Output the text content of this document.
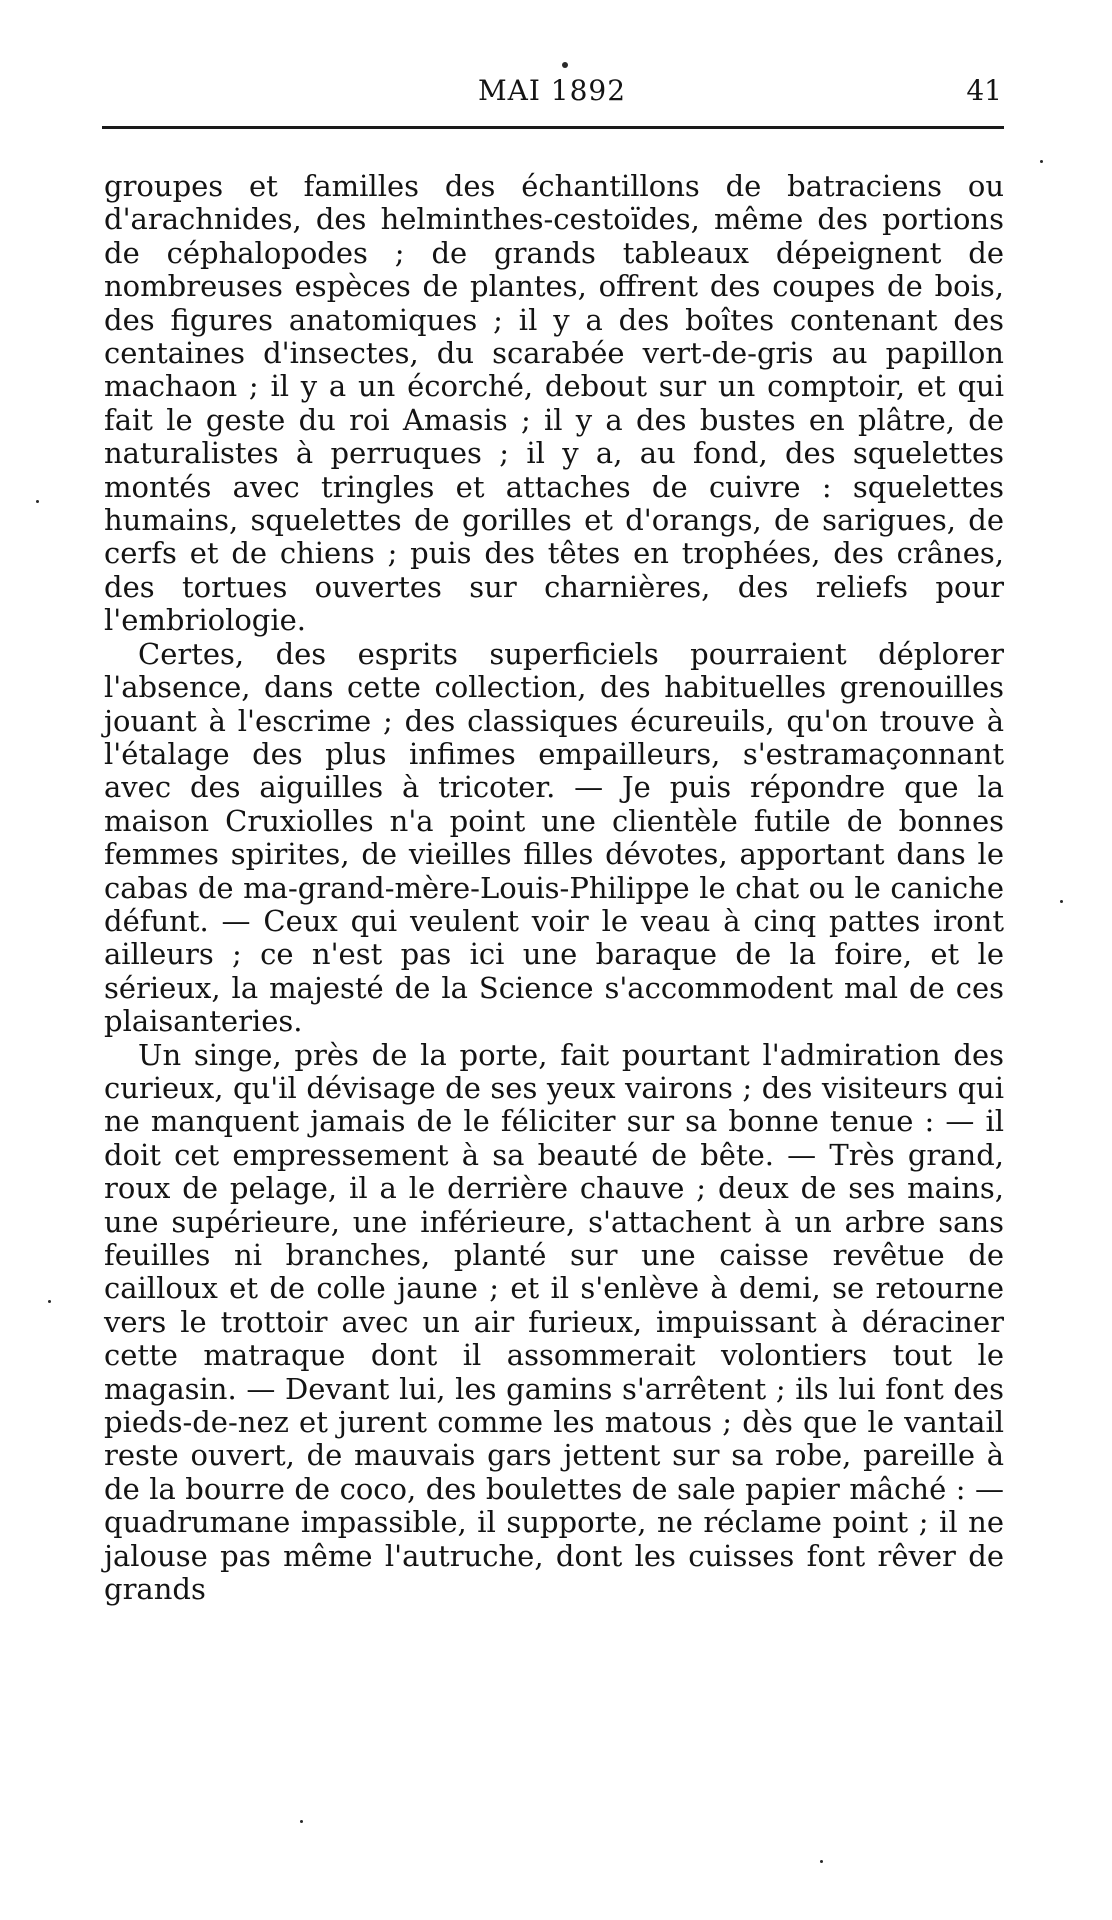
MAI 1892	41

groupes et familles des échantillons de batraciens ou d'arachnides, des helminthes-cestoïdes, même des portions de céphalopodes ; de grands tableaux dépeignent de nombreuses espèces de plantes, offrent des coupes de bois, des figures anatomiques ; il y a des boîtes contenant des centaines d'insectes, du scarabée vert-de-gris au papillon machaon ; il y a un écorché, debout sur un comptoir, et qui fait le geste du roi Amasis ; il y a des bustes en plâtre, de naturalistes à perruques ; il y a, au fond, des squelettes montés avec tringles et attaches de cuivre : squelettes humains, squelettes de gorilles et d'orangs, de sarigues, de cerfs et de chiens ; puis des têtes en trophées, des crânes, des tortues ouvertes sur charnières, des reliefs pour l'embriologie.

Certes, des esprits superficiels pourraient déplorer l'absence, dans cette collection, des habituelles grenouilles jouant à l'escrime ; des classiques écureuils, qu'on trouve à l'étalage des plus infimes empailleurs, s'estramaçonnant avec des aiguilles à tricoter. — Je puis répondre que la maison Cruxiolles n'a point une clientèle futile de bonnes femmes spirites, de vieilles filles dévotes, apportant dans le cabas de ma-grand-mère-Louis-Philippe le chat ou le caniche défunt. — Ceux qui veulent voir le veau à cinq pattes iront ailleurs ; ce n'est pas ici une baraque de la foire, et le sérieux, la majesté de la Science s'accommodent mal de ces plaisanteries.

Un singe, près de la porte, fait pourtant l'admiration des curieux, qu'il dévisage de ses yeux vairons ; des visiteurs qui ne manquent jamais de le féliciter sur sa bonne tenue : — il doit cet empressement à sa beauté de bête. — Très grand, roux de pelage, il a le derrière chauve ; deux de ses mains, une supérieure, une inférieure, s'attachent à un arbre sans feuilles ni branches, planté sur une caisse revêtue de cailloux et de colle jaune ; et il s'enlève à demi, se retourne vers le trottoir avec un air furieux, impuissant à déraciner cette matraque dont il assommerait volontiers tout le magasin. — Devant lui, les gamins s'arrêtent ; ils lui font des pieds-de-nez et jurent comme les matous ; dès que le vantail reste ouvert, de mauvais gars jettent sur sa robe, pareille à de la bourre de coco, des boulettes de sale papier mâché : — quadrumane impassible, il supporte, ne réclame point ; il ne jalouse pas même l'autruche, dont les cuisses font rêver de grands
